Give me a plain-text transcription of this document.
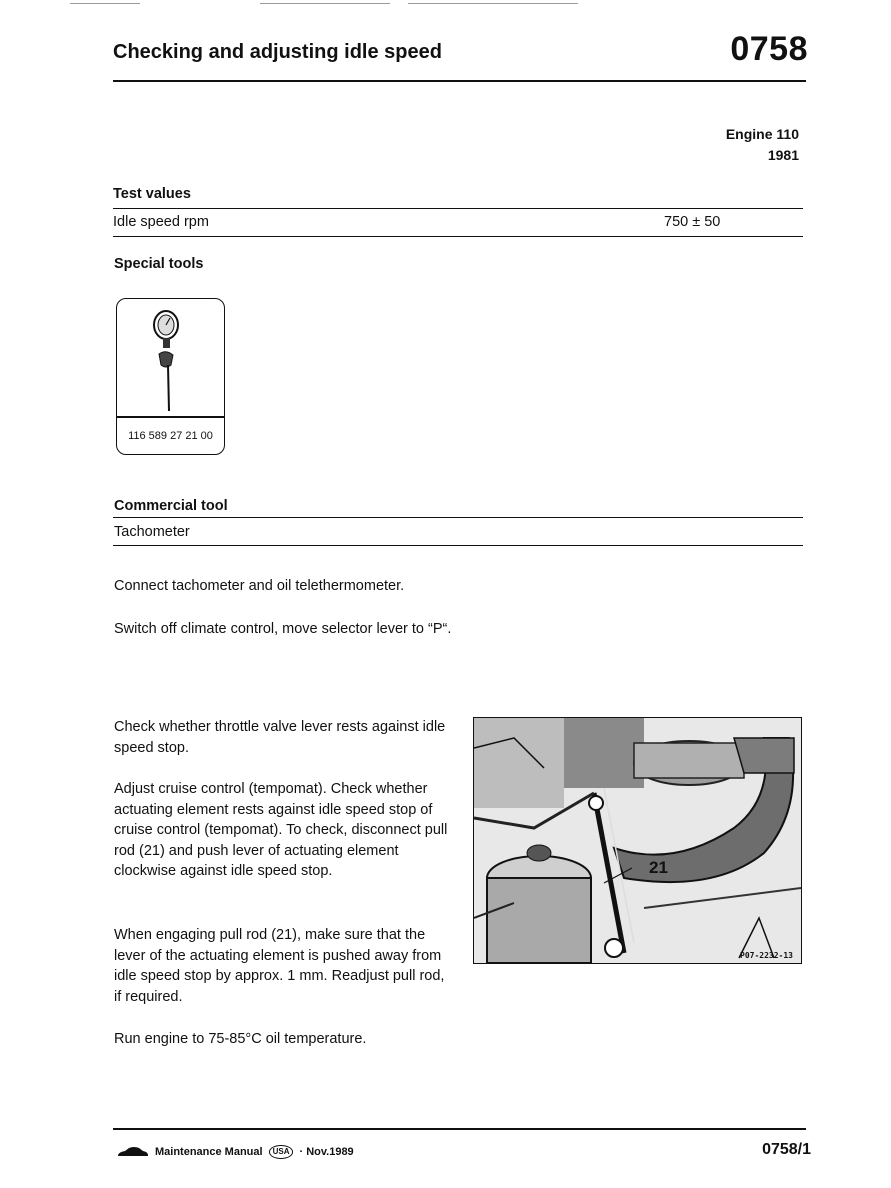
Checking and adjusting idle speed	0758
Engine 110
1981
Test values
Idle speed rpm	750 ± 50
Special tools
116 589 27 21 00
Commercial tool
Tachometer
Connect tachometer and oil telethermometer.
Switch off climate control, move selector lever to “P“.
Check whether throttle valve lever rests against idle speed stop.
Adjust cruise control (tempomat). Check whether actuating element rests against idle speed stop of cruise control (tempomat). To check, disconnect pull rod (21) and push lever of actuating element clockwise against idle speed stop.
When engaging pull rod (21), make sure that the lever of the actuating element is pushed away from idle speed stop by approx. 1 mm. Readjust pull rod, if required.
Run engine to 75-85°C oil temperature.
21
P07-2232-13
Maintenance Manual	USA · Nov.1989	0758/1
